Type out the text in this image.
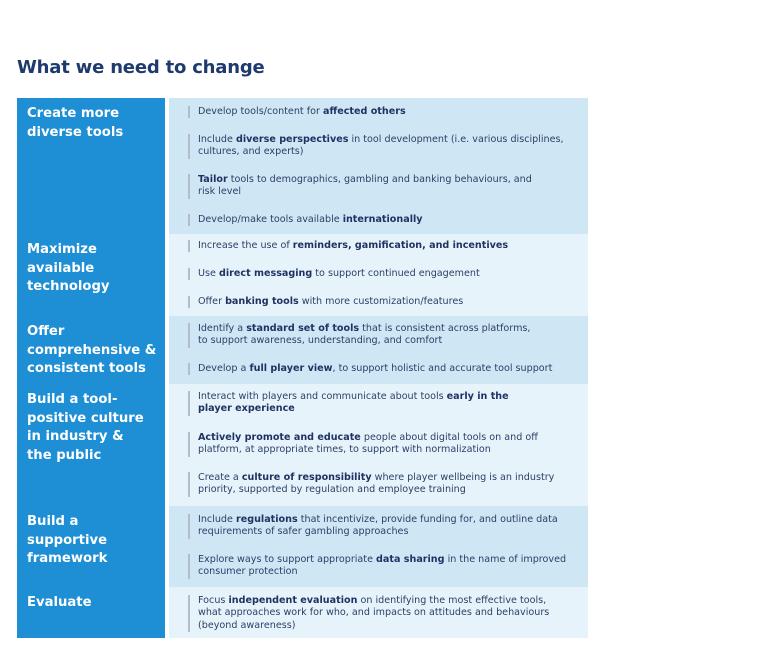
What we need to change
Create more
diverse tools
Develop tools/content for affected others
Include diverse perspectives in tool development (i.e. various disciplines,
cultures, and experts)
Tailor tools to demographics, gambling and banking behaviours, and
risk level
Develop/make tools available internationally
Maximize
available
technology
Increase the use of reminders, gamification, and incentives
Use direct messaging to support continued engagement
Offer banking tools with more customization/features
Offer
comprehensive &
consistent tools
Identify a standard set of tools that is consistent across platforms,
to support awareness, understanding, and comfort
Develop a full player view, to support holistic and accurate tool support
Build a tool-
positive culture
in industry &
the public
Interact with players and communicate about tools early in the
player experience
Actively promote and educate people about digital tools on and off
platform, at appropriate times, to support with normalization
Create a culture of responsibility where player wellbeing is an industry
priority, supported by regulation and employee training
Build a supportive
framework
Include regulations that incentivize, provide funding for, and outline data
requirements of safer gambling approaches
Explore ways to support appropriate data sharing in the name of improved
consumer protection
Evaluate	Focus independent evaluation on identifying the most effective tools,
what approaches work for who, and impacts on attitudes and behaviours
(beyond awareness)
